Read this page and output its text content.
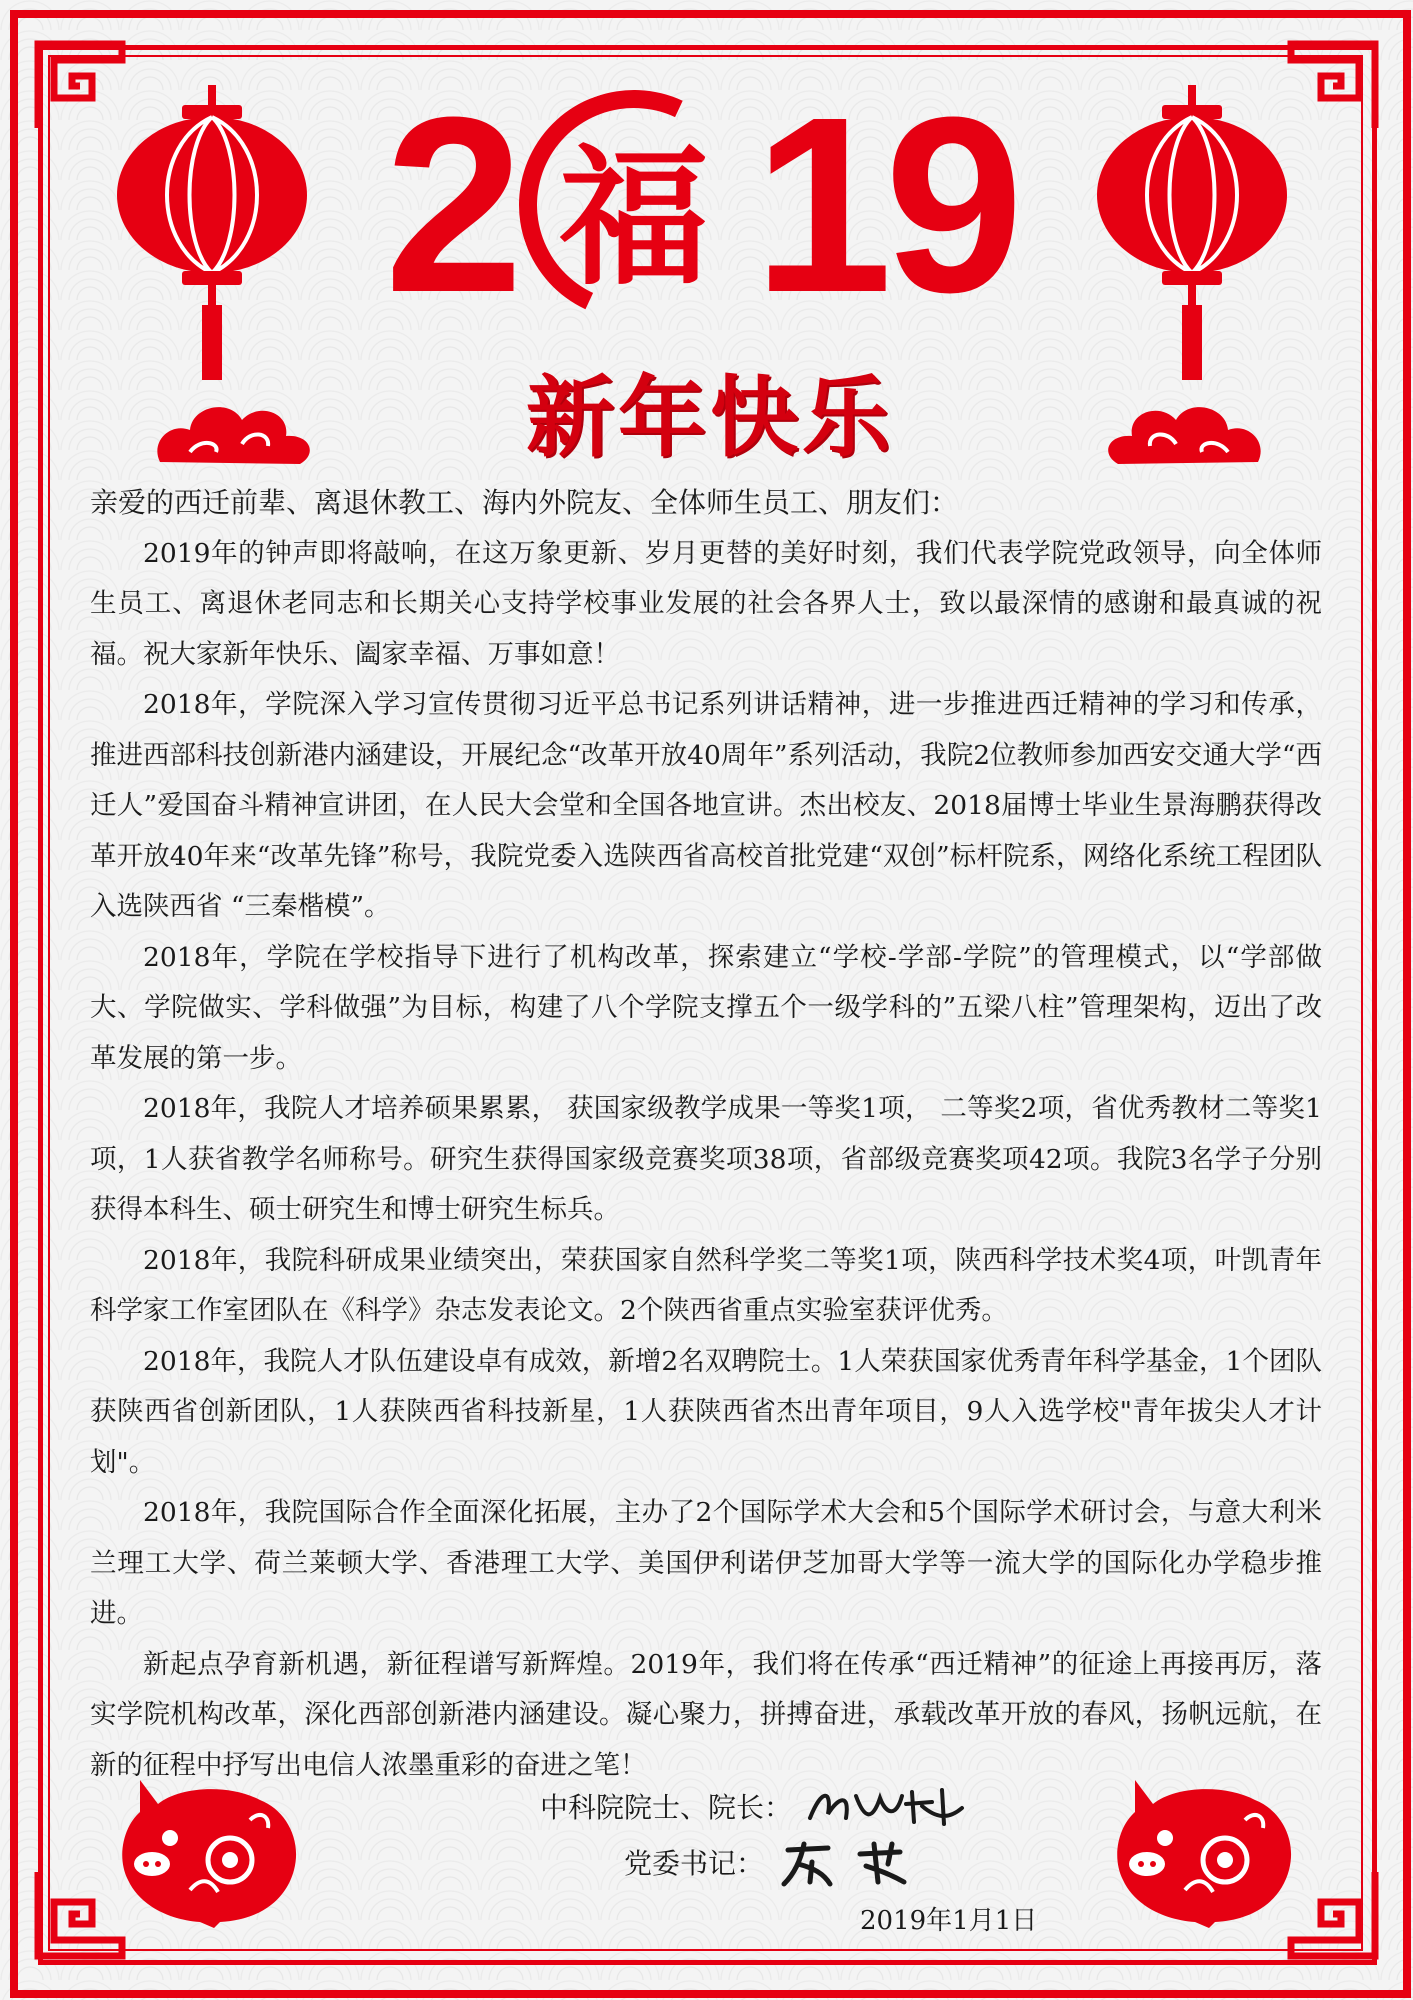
2 福 19
新年快乐

亲爱的西迁前辈、离退休教工、海内外院友、全体师生员工、朋友们：

2019年的钟声即将敲响，在这万象更新、岁月更替的美好时刻，我们代表学院党政领导，向全体师生员工、离退休老同志和长期关心支持学校事业发展的社会各界人士，致以最深情的感谢和最真诚的祝福。祝大家新年快乐、阖家幸福、万事如意！

2018年，学院深入学习宣传贯彻习近平总书记系列讲话精神，进一步推进西迁精神的学习和传承，推进西部科技创新港内涵建设，开展纪念“改革开放40周年”系列活动，我院2位教师参加西安交通大学“西迁人”爱国奋斗精神宣讲团，在人民大会堂和全国各地宣讲。杰出校友、2018届博士毕业生景海鹏获得改革开放40年来“改革先锋”称号，我院党委入选陕西省高校首批党建“双创”标杆院系，网络化系统工程团队入选陕西省 “三秦楷模”。

2018年，学院在学校指导下进行了机构改革，探索建立“学校-学部-学院”的管理模式，以“学部做大、学院做实、学科做强”为目标，构建了八个学院支撑五个一级学科的”五梁八柱”管理架构，迈出了改革发展的第一步。

2018年，我院人才培养硕果累累， 获国家级教学成果一等奖1项， 二等奖2项，省优秀教材二等奖1项，1人获省教学名师称号。研究生获得国家级竞赛奖项38项，省部级竞赛奖项42项。我院3名学子分别获得本科生、硕士研究生和博士研究生标兵。

2018年，我院科研成果业绩突出，荣获国家自然科学奖二等奖1项，陕西科学技术奖4项，叶凯青年科学家工作室团队在《科学》杂志发表论文。2个陕西省重点实验室获评优秀。

2018年，我院人才队伍建设卓有成效，新增2名双聘院士。1人荣获国家优秀青年科学基金，1个团队获陕西省创新团队，1人获陕西省科技新星，1人获陕西省杰出青年项目，9人入选学校"青年拔尖人才计划"。

2018年，我院国际合作全面深化拓展，主办了2个国际学术大会和5个国际学术研讨会，与意大利米兰理工大学、荷兰莱顿大学、香港理工大学、美国伊利诺伊芝加哥大学等一流大学的国际化办学稳步推进。

新起点孕育新机遇，新征程谱写新辉煌。2019年，我们将在传承“西迁精神”的征途上再接再厉，落实学院机构改革，深化西部创新港内涵建设。凝心聚力，拼搏奋进，承载改革开放的春风，扬帆远航，在新的征程中抒写出电信人浓墨重彩的奋进之笔！

中科院院士、院长：
党委书记：
2019年1月1日
